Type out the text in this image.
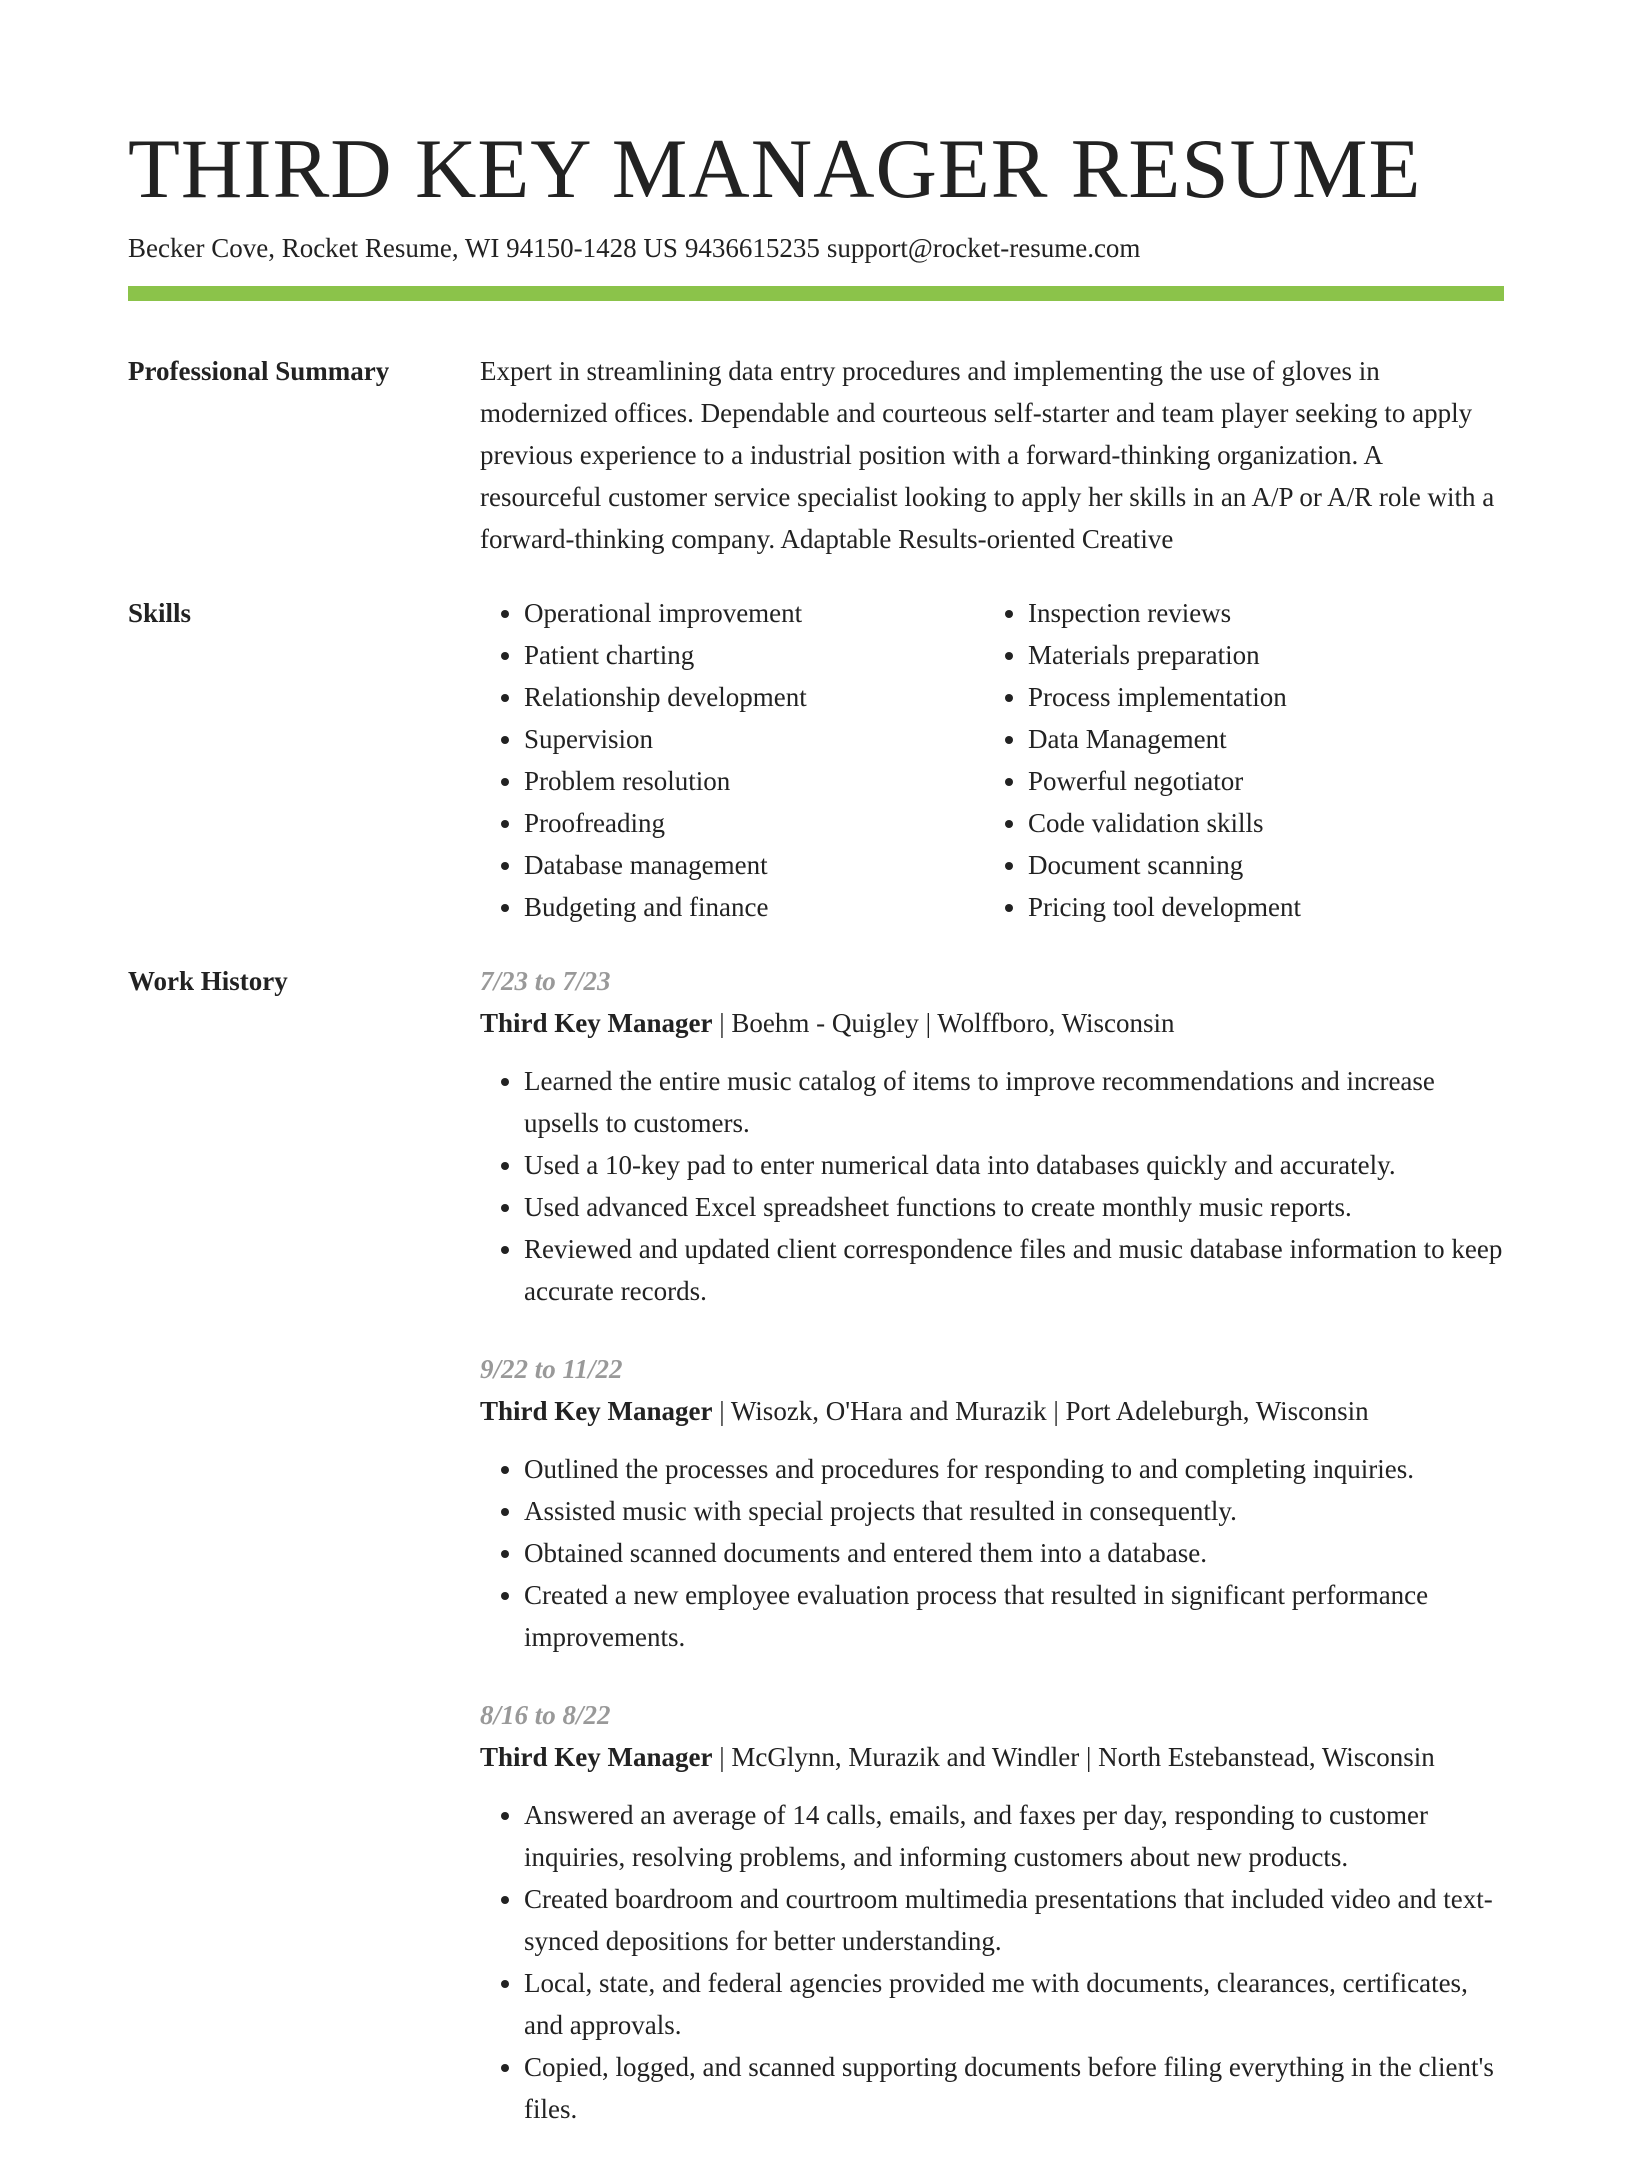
THIRD KEY MANAGER RESUME
Becker Cove, Rocket Resume, WI 94150-1428 US 9436615235 support@rocket-resume.com
Professional Summary	Expert in streamlining data entry procedures and implementing the use of gloves in modernized offices. Dependable and courteous self-starter and team player seeking to apply previous experience to a industrial position with a forward-thinking organization. A resourceful customer service specialist looking to apply her skills in an A/P or A/R role with a forward-thinking company. Adaptable Results-oriented Creative

Skills
•	Operational improvement
• Patient charting
• Relationship development
• Supervision
• Problem resolution
• Proofreading
• Database management
• Budgeting and finance
• Inspection reviews
• Materials preparation
• Process implementation
• Data Management
• Powerful negotiator
• Code validation skills
• Document scanning
• Pricing tool development
Work History	7/23 to 7/23
Third Key Manager | Boehm - Quigley | Wolffboro, Wisconsin
• Learned the entire music catalog of items to improve recommendations and increase upsells to customers.
• Used a 10-key pad to enter numerical data into databases quickly and accurately.
• Used advanced Excel spreadsheet functions to create monthly music reports.
• Reviewed and updated client correspondence files and music database information to keep accurate records.
9/22 to 11/22
Third Key Manager | Wisozk, O'Hara and Murazik | Port Adeleburgh, Wisconsin
• Outlined the processes and procedures for responding to and completing inquiries.
• Assisted music with special projects that resulted in consequently.
• Obtained scanned documents and entered them into a database.
• Created a new employee evaluation process that resulted in significant performance improvements.
8/16 to 8/22
Third Key Manager | McGlynn, Murazik and Windler | North Estebanstead, Wisconsin
• Answered an average of 14 calls, emails, and faxes per day, responding to customer inquiries, resolving problems, and informing customers about new products.
• Created boardroom and courtroom multimedia presentations that included video and text-synced depositions for better understanding.
• Local, state, and federal agencies provided me with documents, clearances, certificates, and approvals.
• Copied, logged, and scanned supporting documents before filing everything in the client's files.
